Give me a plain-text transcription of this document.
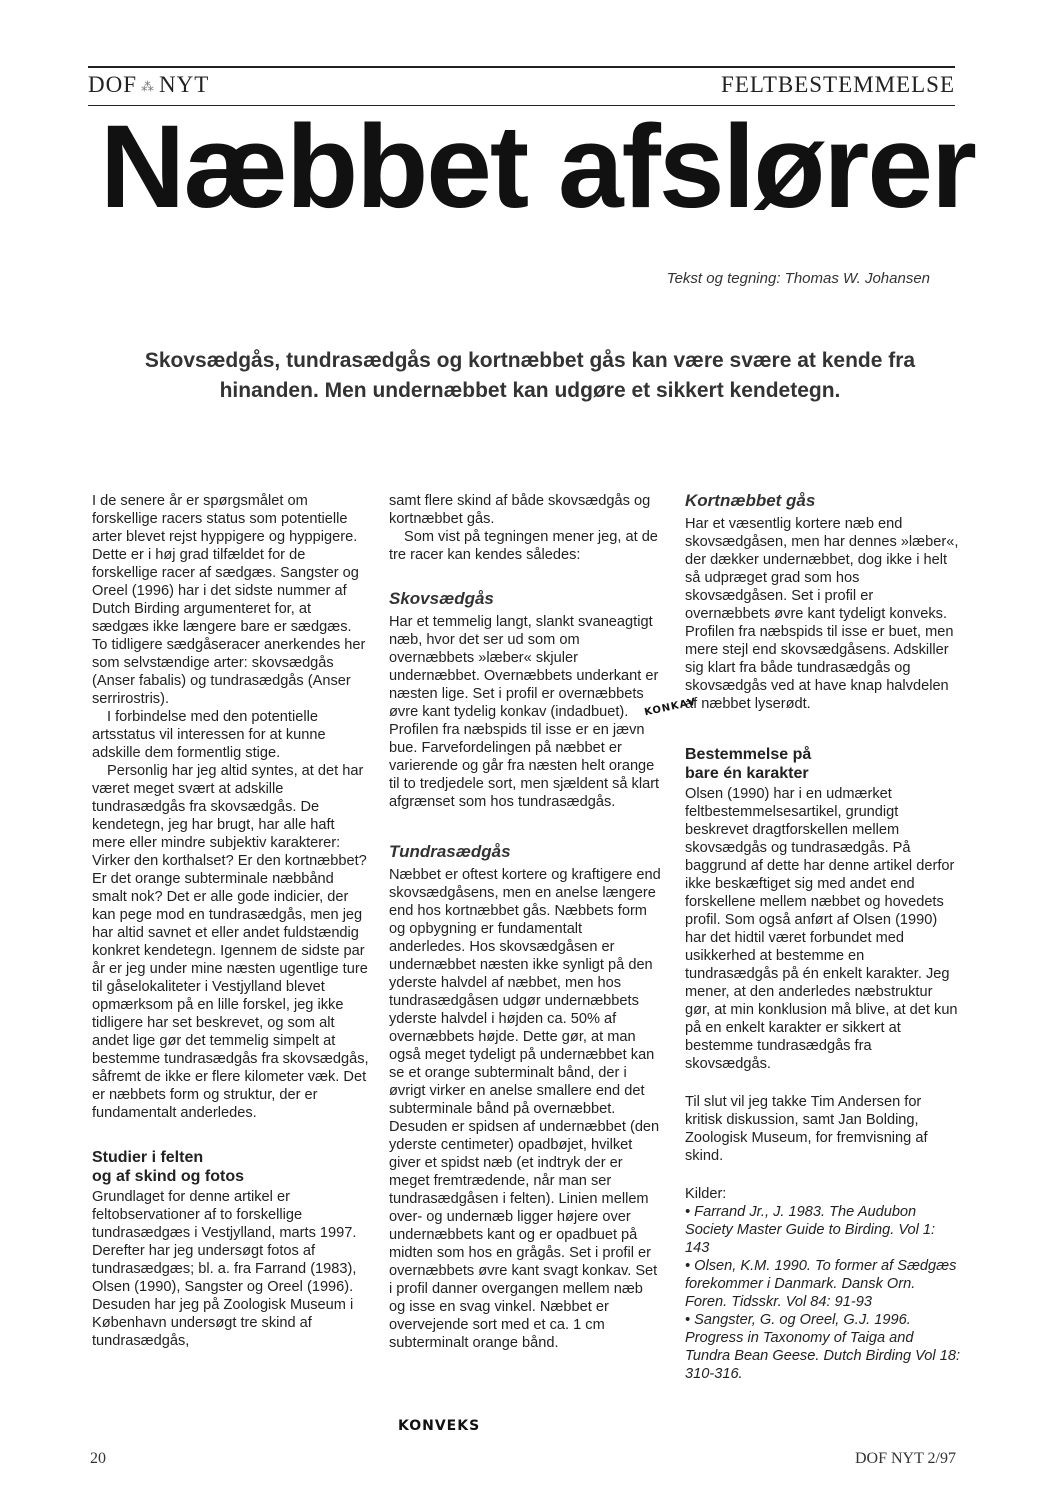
DOF ⁂ NYT	FELTBESTEMMELSE
Næbbet afslører
Tekst og tegning: Thomas W. Johansen
Skovsædgås, tundrasædgås og kortnæbbet gås kan være svære at kende fra hinanden. Men undernæbbet kan udgøre et sikkert kendetegn.

I de senere år er spørgsmålet om forskellige racers status som potentielle arter blevet rejst hyppigere og hyppigere. Dette er i høj grad tilfældet for de forskellige racer af sædgæs. Sangster og Oreel (1996) har i det sidste nummer af Dutch Birding argumenteret for, at sædgæs ikke længere bare er sædgæs. To tidligere sædgåseracer anerkendes her som selvstændige arter: skovsædgås (Anser fabalis) og tundrasædgås (Anser serrirostris).

I forbindelse med den potentielle artsstatus vil interessen for at kunne adskille dem formentlig stige.

Personlig har jeg altid syntes, at det har været meget svært at adskille tundrasædgås fra skovsædgås. De kendetegn, jeg har brugt, har alle haft mere eller mindre subjektiv karakterer: Virker den korthalset? Er den kortnæbbet? Er det orange subterminale næbbånd smalt nok? Det er alle gode indicier, der kan pege mod en tundrasædgås, men jeg har altid savnet et eller andet fuldstændig konkret kendetegn. Igennem de sidste par år er jeg under mine næsten ugentlige ture til gåselokaliteter i Vestjylland blevet opmærksom på en lille forskel, jeg ikke tidligere har set beskrevet, og som alt andet lige gør det temmelig simpelt at bestemme tundrasædgås fra skovsædgås, såfremt de ikke er flere kilometer væk. Det er næbbets form og struktur, der er fundamentalt anderledes.

Studier i felten
og af skind og fotos

Grundlaget for denne artikel er feltobservationer af to forskellige tundrasædgæs i Vestjylland, marts 1997. Derefter har jeg undersøgt fotos af tundrasædgæs; bl. a. fra Farrand (1983), Olsen (1990), Sangster og Oreel (1996). Desuden har jeg på Zoologisk Museum i København undersøgt tre skind af tundrasædgås,

samt flere skind af både skovsædgås og kortnæbbet gås.

Som vist på tegningen mener jeg, at de tre racer kan kendes således:

Skovsædgås

Har et temmelig langt, slankt svaneagtigt næb, hvor det ser ud som om overnæbbets »læber« skjuler undernæbbet. Overnæbbets underkant er næsten lige. Set i profil er overnæbbets øvre kant tydelig konkav (indadbuet). Profilen fra næbspids til isse er en jævn bue. Farvefordelingen på næbbet er varierende og går fra næsten helt orange til to tredjedele sort, men sjældent så klart afgrænset som hos tundrasædgås.

Tundrasædgås

Næbbet er oftest kortere og kraftigere end skovsædgåsens, men en anelse længere end hos kortnæbbet gås. Næbbets form og opbygning er fundamentalt anderledes. Hos skovsædgåsen er undernæbbet næsten ikke synligt på den yderste halvdel af næbbet, men hos tundrasædgåsen udgør undernæbbets yderste halvdel i højden ca. 50% af overnæbbets højde. Dette gør, at man også meget tydeligt på undernæbbet kan se et orange subterminalt bånd, der i øvrigt virker en anelse smallere end det subterminale bånd på overnæbbet. Desuden er spidsen af undernæbbet (den yderste centimeter) opadbøjet, hvilket giver et spidst næb (et indtryk der er meget fremtrædende, når man ser tundrasædgåsen i felten). Linien mellem over- og undernæb ligger højere over undernæbbets kant og er opadbuet på midten som hos en grågås. Set i profil er overnæbbets øvre kant svagt konkav. Set i profil danner overgangen mellem næb og isse en svag vinkel. Næbbet er overvejende sort med et ca. 1 cm subterminalt orange bånd.

Kortnæbbet gås

Har et væsentlig kortere næb end skovsædgåsen, men har dennes »læber«, der dækker undernæbbet, dog ikke i helt så udpræget grad som hos skovsædgåsen. Set i profil er overnæbbets øvre kant tydeligt konveks. Profilen fra næbspids til isse er buet, men mere stejl end skovsædgåsens. Adskiller sig klart fra både tundrasædgås og skovsædgås ved at have knap halvdelen af næbbet lyserødt.

Bestemmelse på
bare én karakter

Olsen (1990) har i en udmærket feltbestemmelsesartikel, grundigt beskrevet dragtforskellen mellem skovsædgås og tundrasædgås. På baggrund af dette har denne artikel derfor ikke beskæftiget sig med andet end forskellene mellem næbbet og hovedets profil. Som også anført af Olsen (1990) har det hidtil været forbundet med usikkerhed at bestemme en tundrasædgås på én enkelt karakter. Jeg mener, at den anderledes næbstruktur gør, at min konklusion må blive, at det kun på en enkelt karakter er sikkert at bestemme tundrasædgås fra skovsædgås.

Til slut vil jeg takke Tim Andersen for kritisk diskussion, samt Jan Bolding, Zoologisk Museum, for fremvisning af skind.

Kilder:

• Farrand Jr., J. 1983. The Audubon Society Master Guide to Birding. Vol 1: 143

• Olsen, K.M. 1990. To former af Sædgæs forekommer i Danmark. Dansk Orn. Foren. Tidsskr. Vol 84: 91-93

• Sangster, G. og Oreel, G.J. 1996. Progress in Taxonomy of Taiga and Tundra Bean Geese. Dutch Birding Vol 18: 310-316.

KONKAV
KONVEKS
20	DOF NYT 2/97
